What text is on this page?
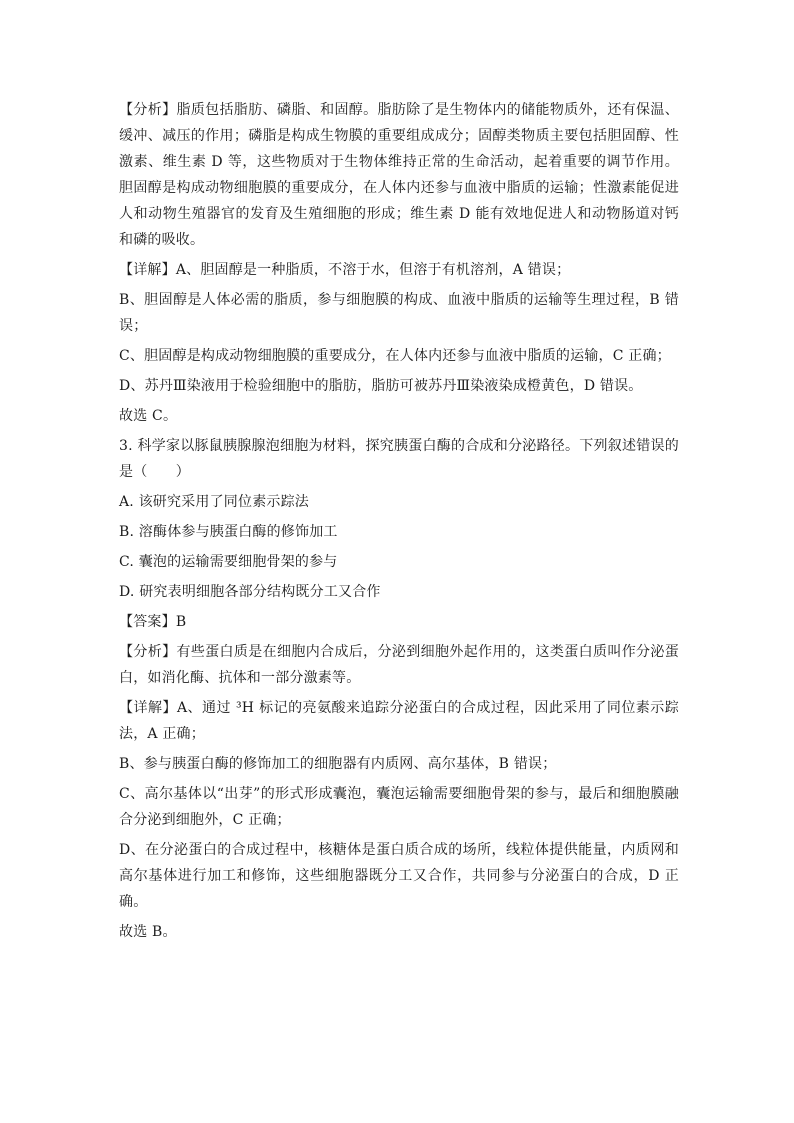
【分析】脂质包括脂肪、磷脂、和固醇。脂肪除了是生物体内的储能物质外，还有保温、缓冲、减压的作用；磷脂是构成生物膜的重要组成成分；固醇类物质主要包括胆固醇、性激素、维生素 D 等，这些物质对于生物体维持正常的生命活动，起着重要的调节作用。胆固醇是构成动物细胞膜的重要成分，在人体内还参与血液中脂质的运输；性激素能促进人和动物生殖器官的发育及生殖细胞的形成；维生素 D 能有效地促进人和动物肠道对钙和磷的吸收。

【详解】A、胆固醇是一种脂质，不溶于水，但溶于有机溶剂，A 错误；

B、胆固醇是人体必需的脂质，参与细胞膜的构成、血液中脂质的运输等生理过程，B 错误；

C、胆固醇是构成动物细胞膜的重要成分，在人体内还参与血液中脂质的运输，C 正确；

D、苏丹Ⅲ染液用于检验细胞中的脂肪，脂肪可被苏丹Ⅲ染液染成橙黄色，D 错误。

故选 C。

3. 科学家以豚鼠胰腺腺泡细胞为材料，探究胰蛋白酶的合成和分泌路径。下列叙述错误的是（　　）

A. 该研究采用了同位素示踪法

B. 溶酶体参与胰蛋白酶的修饰加工

C. 囊泡的运输需要细胞骨架的参与

D. 研究表明细胞各部分结构既分工又合作

【答案】B

【分析】有些蛋白质是在细胞内合成后，分泌到细胞外起作用的，这类蛋白质叫作分泌蛋白，如消化酶、抗体和一部分激素等。

【详解】A、通过 ³H 标记的亮氨酸来追踪分泌蛋白的合成过程，因此采用了同位素示踪法，A 正确；

B、参与胰蛋白酶的修饰加工的细胞器有内质网、高尔基体，B 错误；

C、高尔基体以“出芽”的形式形成囊泡，囊泡运输需要细胞骨架的参与，最后和细胞膜融合分泌到细胞外，C 正确；

D、在分泌蛋白的合成过程中，核糖体是蛋白质合成的场所，线粒体提供能量，内质网和高尔基体进行加工和修饰，这些细胞器既分工又合作，共同参与分泌蛋白的合成，D 正确。

故选 B。
